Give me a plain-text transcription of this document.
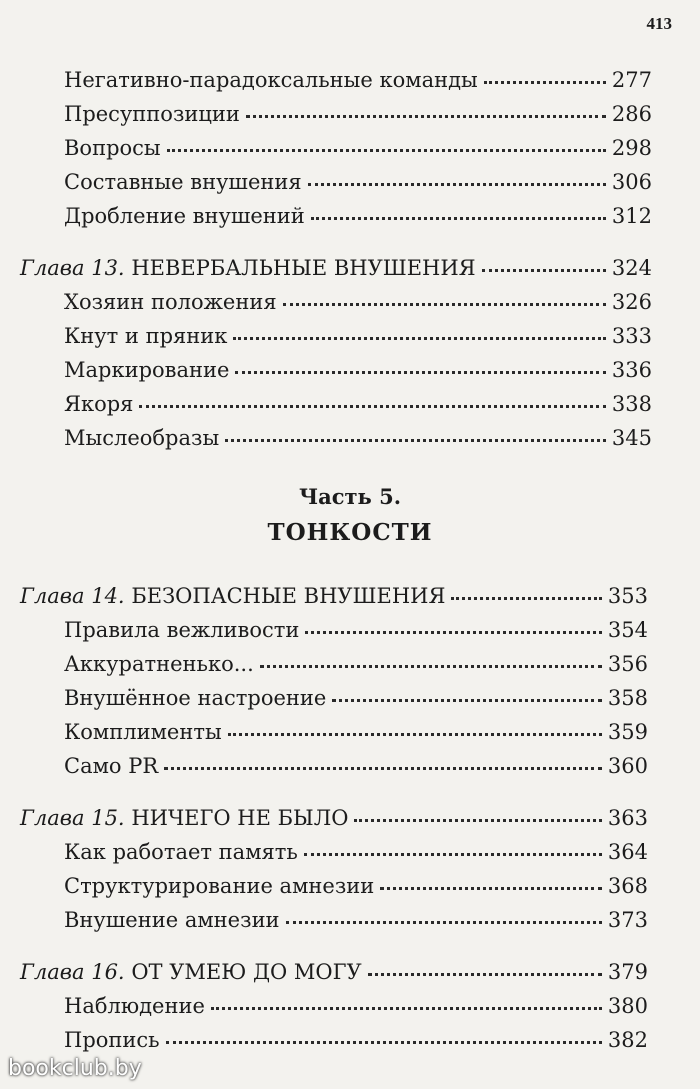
413
Негативно-парадоксальные команды	277
Пресуппозиции	286
Вопросы	298
Составные внушения	306
Дробление внушений	312
Глава 13. НЕВЕРБАЛЬНЫЕ ВНУШЕНИЯ	324
Хозяин положения	326
Кнут и пряник	333
Маркирование	336
Якоря	338
Мыслеобразы	345
Часть 5.
ТОНКОСТИ
Глава 14. БЕЗОПАСНЫЕ ВНУШЕНИЯ	353
Правила вежливости	354
Аккуратненько...	356
Внушённое настроение	358
Комплименты	359
Само PR	360
Глава 15. НИЧЕГО НЕ БЫЛО	363
Как работает память	364
Структурирование амнезии	368
Внушение амнезии	373
Глава 16. ОТ УМЕЮ ДО МОГУ	379
Наблюдение	380
Пропись	382
bookclub.by
